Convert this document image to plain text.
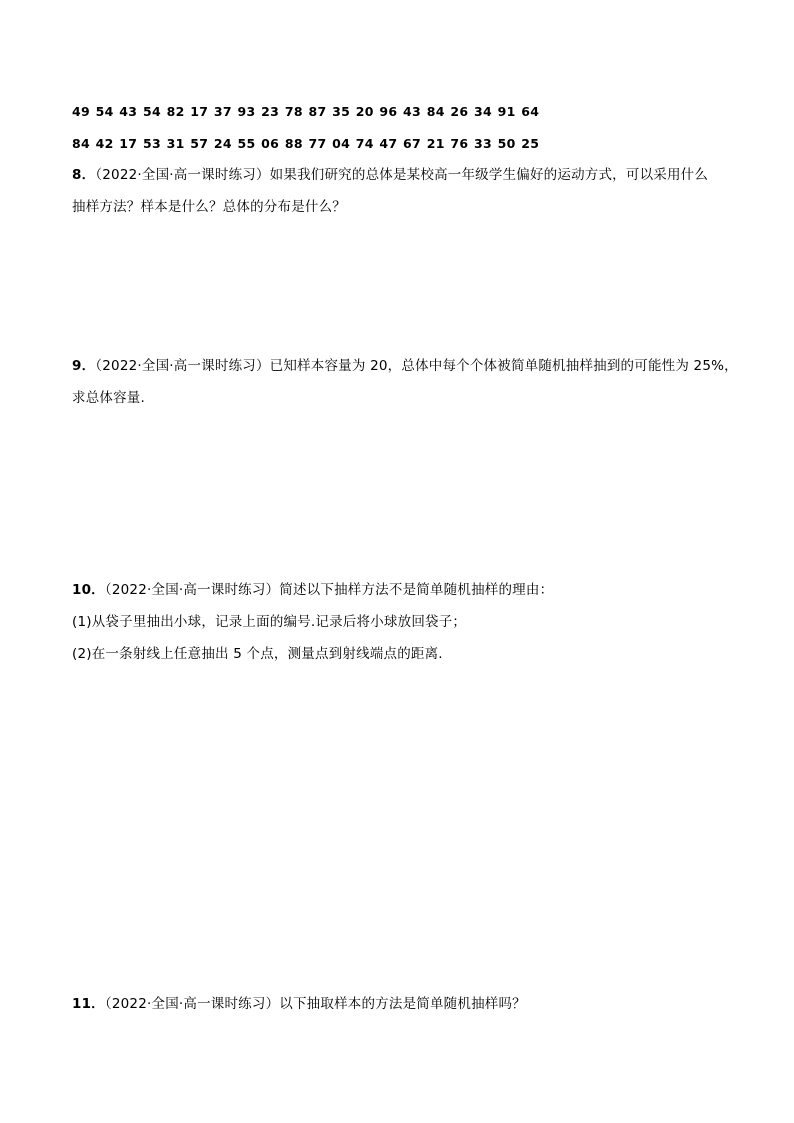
49 54 43 54 82 17 37 93 23 78 87 35 20 96 43 84 26 34 91 64
84 42 17 53 31 57 24 55 06 88 77 04 74 47 67 21 76 33 50 25
8．（2022·全国·高一课时练习）如果我们研究的总体是某校高一年级学生偏好的运动方式，可以采用什么
抽样方法？样本是什么？总体的分布是什么？
9．（2022·全国·高一课时练习）已知样本容量为 20，总体中每个个体被简单随机抽样抽到的可能性为 25%，
求总体容量.
10．（2022·全国·高一课时练习）简述以下抽样方法不是简单随机抽样的理由：
(1)从袋子里抽出小球，记录上面的编号.记录后将小球放回袋子；
(2)在一条射线上任意抽出 5 个点，测量点到射线端点的距离.
11．（2022·全国·高一课时练习）以下抽取样本的方法是简单随机抽样吗？
